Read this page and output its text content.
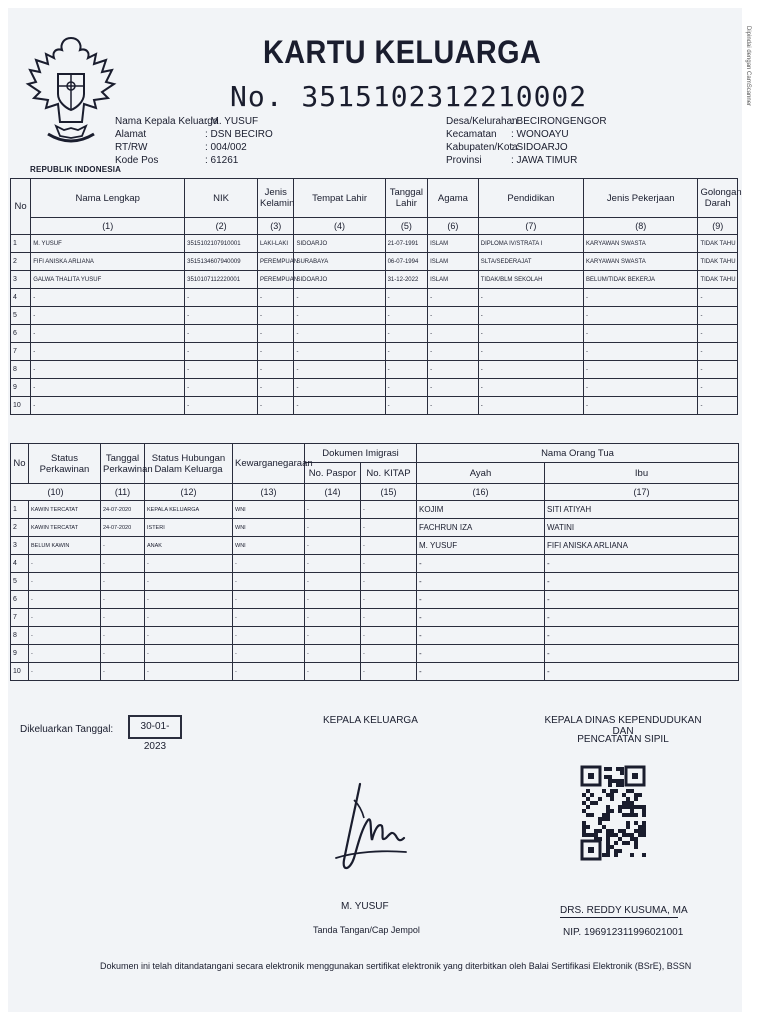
REPUBLIK INDONESIA
KARTU KELUARGA
No. 3515102312210002
Nama Kepala Keluarga: M. YUSUF
Alamat	: DSN BECIRO
RT/RW	: 004/002
Kode Pos	: 61261
Desa/Kelurahan: BECIRONGENGOR
Kecamatan : WONOAYU
Kabupaten/Kota: SIDOARJO
Provinsi	: JAWA TIMUR
No	Nama Lengkap	NIK	Jenis Kelamin	Tempat Lahir	Tanggal Lahir	Agama	Pendidikan	Jenis Pekerjaan	Golongan Darah
	(1)	(2)	(3)	(4)	(5)	(6)	(7)	(8)	(9)
1	M. YUSUF	3515102107910001	LAKI-LAKI	SIDOARJO	21-07-1991	ISLAM	DIPLOMA IV/STRATA I	KARYAWAN SWASTA	TIDAK TAHU
2	FIFI ANISKA ARLIANA	3515134607940009	PEREMPUAN	SURABAYA	06-07-1994	ISLAM	SLTA/SEDERAJAT	KARYAWAN SWASTA	TIDAK TAHU
3	GALWA THALITA YUSUF	3510107112220001	PEREMPUAN	SIDOARJO	31-12-2022	ISLAM	TIDAK/BLM SEKOLAH	BELUM/TIDAK BEKERJA	TIDAK TAHU
4	-	-	-	-	-	-	-	-	-
5	-	-	-	-	-	-	-	-	-
6	-	-	-	-	-	-	-	-	-
7	-	-	-	-	-	-	-	-	-
8	-	-	-	-	-	-	-	-	-
9	-	-	-	-	-	-	-	-	-
10	-	-	-	-	-	-	-	-	-
No	Status Perkawinan	Tanggal Perkawinan	Status Hubungan Dalam Keluarga	Kewarganegaraan	Dokumen Imigrasi		Nama Orang Tua	
					No. Paspor	No. KITAP	Ayah	Ibu
(10)		(11)	(12)	(13)	(14)	(15)	(16)	(17)
1	KAWIN TERCATAT	24-07-2020	KEPALA KELUARGA	WNI	-	-	KOJIM	SITI ATIYAH
2	KAWIN TERCATAT	24-07-2020	ISTERI	WNI	-	-	FACHRUN IZA	WATINI
3	BELUM KAWIN	-	ANAK	WNI	-	-	M. YUSUF	FIFI ANISKA ARLIANA
4	-	-	-	-	-	-	-	-
5	-	-	-	-	-	-	-	-
6	-	-	-	-	-	-	-	-
7	-	-	-	-	-	-	-	-
8	-	-	-	-	-	-	-	-
9	-	-	-	-	-	-	-	-
10	-	-	-	-	-	-	-	-
Dikeluarkan Tanggal:	30-01-2023
KEPALA KELUARGA	KEPALA DINAS KEPENDUDUKAN DAN
PENCATATAN SIPIL
M. YUSUF
Tanda Tangan/Cap Jempol
DRS. REDDY KUSUMA, MA
NIP. 196912311996021001
Dokumen ini telah ditandatangani secara elektronik menggunakan sertifikat elektronik yang diterbitkan oleh Balai Sertifikasi Elektronik (BSrE), BSSN
Dipindai dengan CamScanner
